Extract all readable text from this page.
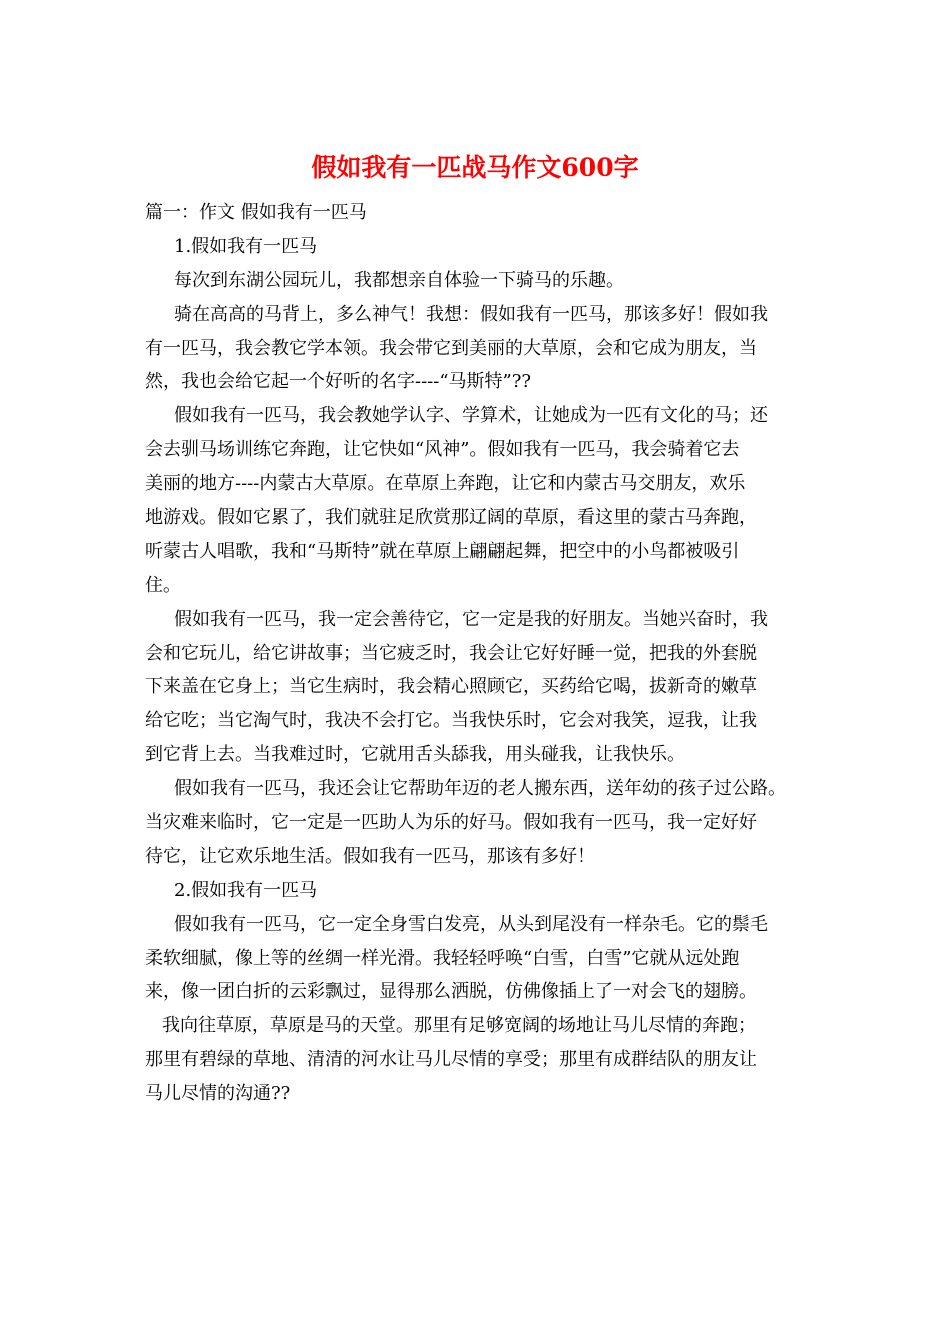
假如我有一匹战马作文600字

篇一：作文 假如我有一匹马

1.假如我有一匹马

每次到东湖公园玩儿，我都想亲自体验一下骑马的乐趣。

骑在高高的马背上，多么神气！我想：假如我有一匹马，那该多好！假如我

有一匹马，我会教它学本领。我会带它到美丽的大草原，会和它成为朋友，当

然，我也会给它起一个好听的名字----“马斯特”??

假如我有一匹马，我会教她学认字、学算术，让她成为一匹有文化的马；还

会去驯马场训练它奔跑，让它快如“风神”。假如我有一匹马，我会骑着它去

美丽的地方----内蒙古大草原。在草原上奔跑，让它和内蒙古马交朋友，欢乐

地游戏。假如它累了，我们就驻足欣赏那辽阔的草原，看这里的蒙古马奔跑，

听蒙古人唱歌，我和“马斯特”就在草原上翩翩起舞，把空中的小鸟都被吸引

住。

假如我有一匹马，我一定会善待它，它一定是我的好朋友。当她兴奋时，我

会和它玩儿，给它讲故事；当它疲乏时，我会让它好好睡一觉，把我的外套脱

下来盖在它身上；当它生病时，我会精心照顾它，买药给它喝，拔新奇的嫩草

给它吃；当它淘气时，我决不会打它。当我快乐时，它会对我笑，逗我，让我

到它背上去。当我难过时，它就用舌头舔我，用头碰我，让我快乐。

假如我有一匹马，我还会让它帮助年迈的老人搬东西，送年幼的孩子过公路。

当灾难来临时，它一定是一匹助人为乐的好马。假如我有一匹马，我一定好好

待它，让它欢乐地生活。假如我有一匹马，那该有多好！

2.假如我有一匹马

假如我有一匹马，它一定全身雪白发亮，从头到尾没有一样杂毛。它的鬃毛

柔软细腻，像上等的丝绸一样光滑。我轻轻呼唤“白雪，白雪”它就从远处跑

来，像一团白折的云彩飘过，显得那么洒脱，仿佛像插上了一对会飞的翅膀。

我向往草原，草原是马的天堂。那里有足够宽阔的场地让马儿尽情的奔跑；

那里有碧绿的草地、清清的河水让马儿尽情的享受；那里有成群结队的朋友让

马儿尽情的沟通??
